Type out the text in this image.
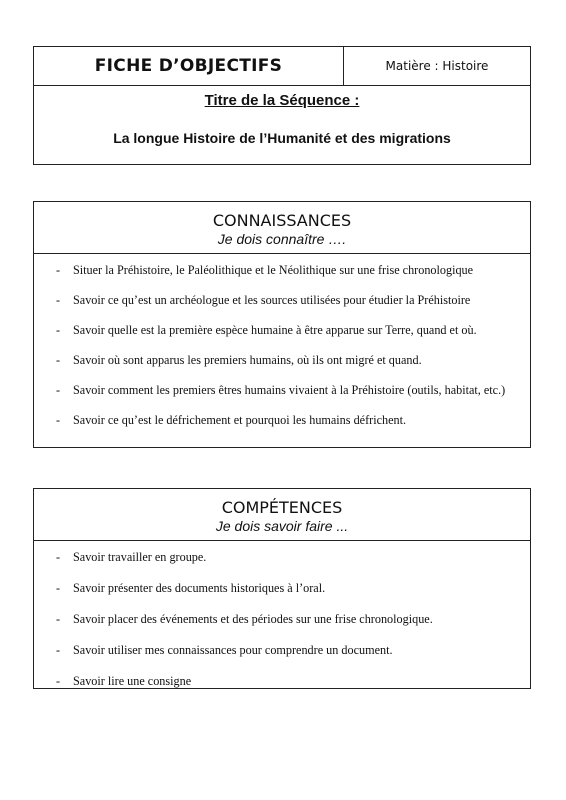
FICHE D’OBJECTIFS	Matière : Histoire
Titre de la Séquence :
La longue Histoire de l’Humanité et des migrations
CONNAISSANCES
Je dois connaître ….
- Situer la Préhistoire, le Paléolithique et le Néolithique sur une frise chronologique
- Savoir ce qu’est un archéologue et les sources utilisées pour étudier la Préhistoire
- Savoir quelle est la première espèce humaine à être apparue sur Terre, quand et où.
- Savoir où sont apparus les premiers humains, où ils ont migré et quand.
- Savoir comment les premiers êtres humains vivaient à la Préhistoire (outils, habitat, etc.)
- Savoir ce qu’est le défrichement et pourquoi les humains défrichent.
COMPÉTENCES
Je dois savoir faire ...
- Savoir travailler en groupe.
- Savoir présenter des documents historiques à l’oral.
- Savoir placer des événements et des périodes sur une frise chronologique.
- Savoir utiliser mes connaissances pour comprendre un document.
- Savoir lire une consigne
